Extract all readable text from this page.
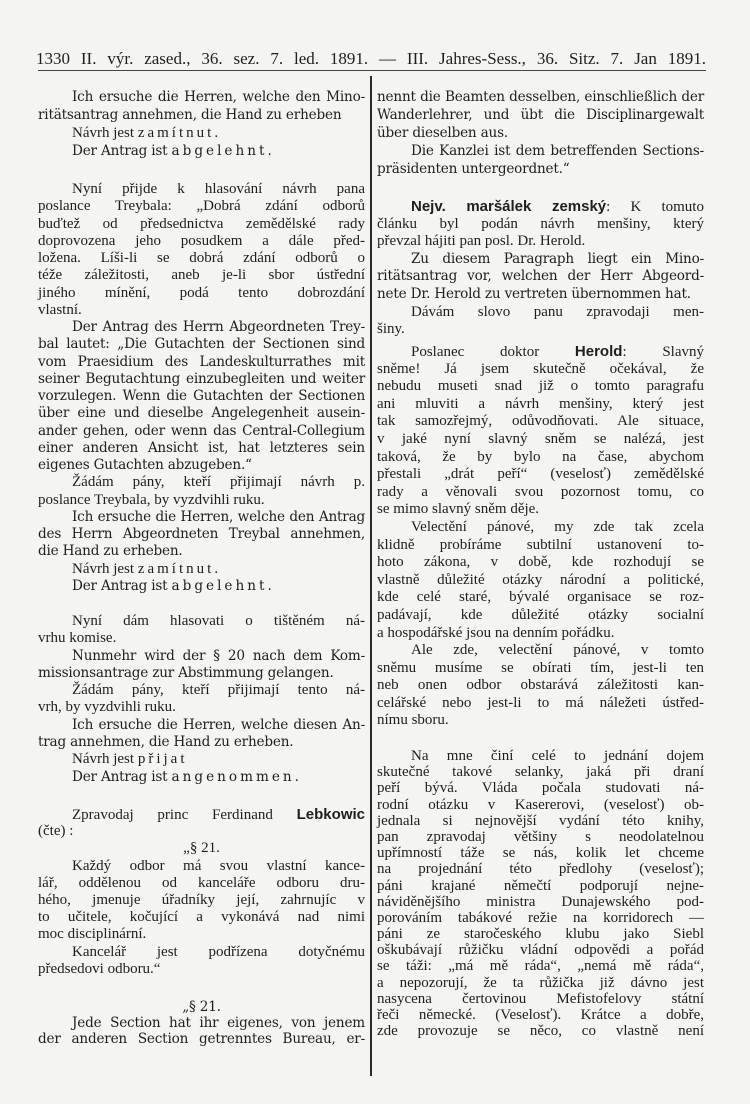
1330 II. výr. zased., 36. sez. 7. led. 1891. — III. Jahres-Sess., 36. Sitz. 7. Jan 1891.
Ich ersuche die Herren, welche den Mino-
ritätsantrag annehmen, die Hand zu erheben
Návrh jest zamítnut.
Der Antrag ist abgelehnt.
Nyní přijde k hlasování návrh pana
poslance Treybala: „Dobrá zdání odborů
buďtež od předsednictva zemědělské rady
doprovozena jeho posudkem a dále před-
ložena. Líši-li se dobrá zdání odborů o
téže záležitosti, aneb je-li sbor ústřední
jiného mínění, podá tento dobrozdání
vlastní.
Der Antrag des Herrn Abgeordneten Trey-
bal lautet: „Die Gutachten der Sectionen sind
vom Praesidium des Landeskulturrathes mit
seiner Begutachtung einzubegleiten und weiter
vorzulegen. Wenn die Gutachten der Sectionen
über eine und dieselbe Angelegenheit ausein-
ander gehen, oder wenn das Central-Collegium
einer anderen Ansicht ist, hat letzteres sein
eigenes Gutachten abzugeben.“
Žádám pány, kteří přijimají návrh p.
poslance Treybala, by vyzdvihli ruku.
Ich ersuche die Herren, welche den Antrag
des Herrn Abgeordneten Treybal annehmen,
die Hand zu erheben.
Návrh jest zamítnut.
Der Antrag ist abgelehnt.
Nyní dám hlasovati o tištěném ná-
vrhu komise.
Nunmehr wird der § 20 nach dem Kom-
missionsantrage zur Abstimmung gelangen.
Žádám pány, kteří přijimají tento ná-
vrh, by vyzdvihli ruku.
Ich ersuche die Herren, welche diesen An-
trag annehmen, die Hand zu erheben.
Návrh jest přijat
Der Antrag ist angenommen.
Zpravodaj princ Ferdinand Lebkowic
(čte) :
„§ 21.
Každý odbor má svou vlastní kance-
lář, oddělenou od kanceláře odboru dru-
hého, jmenuje úřadníky její, zahrnujíc v
to učitele, kočující a vykonává nad nimi
moc disciplinární.
Kancelář jest podřízena dotyčnému
předsedovi odboru.“
„§ 21.
Jede Section hat ihr eigenes, von jenem
der anderen Section getrenntes Bureau, er-
nennt die Beamten desselben, einschließlich der
Wanderlehrer, und übt die Disciplinargewalt
über dieselben aus.
Die Kanzlei ist dem betreffenden Sections-
präsidenten untergeordnet.“
Nejv. maršálek zemský: K tomuto
článku byl podán návrh menšiny, který
převzal hájiti pan posl. Dr. Herold.
Zu diesem Paragraph liegt ein Mino-
ritätsantrag vor, welchen der Herr Abgeord-
nete Dr. Herold zu vertreten übernommen hat.
Dávám slovo panu zpravodaji men-
šiny.
Poslanec doktor Herold: Slavný
sněme! Já jsem skutečně očekával, že
nebudu museti snad již o tomto paragrafu
ani mluviti a návrh menšiny, který jest
tak samozřejmý, odůvodňovati. Ale situace,
v jaké nyní slavný sněm se nalézá, jest
taková, že by bylo na čase, abychom
přestali „drát peří“ (veselosť) zemědělské
rady a věnovali svou pozornost tomu, co
se mimo slavný sněm děje.
Velectění pánové, my zde tak zcela
klidně probíráme subtilní ustanovení to-
hoto zákona, v době, kde rozhodují se
vlastně důležité otázky národní a politické,
kde celé staré, bývalé organisace se roz-
padávají, kde důležité otázky socialní
a hospodářské jsou na denním pořádku.
Ale zde, velectění pánové, v tomto
sněmu musíme se obírati tím, jest-li ten
neb onen odbor obstarává záležitosti kan-
celářské nebo jest-li to má náležeti ústřed-
nímu sboru.
Na mne činí celé to jednání dojem
skutečné takové selanky, jaká při draní
peří bývá. Vláda počala studovati ná-
rodní otázku v Kasererovi, (veselosť) ob-
jednala si nejnovější vydání této knihy,
pan zpravodaj většiny s neodolatelnou
upřímností táže se nás, kolik let chceme
na projednání této předlohy (veselosť);
páni krajané němečtí podporují nejne-
náviděnějšího ministra Dunajewského pod-
porováním tabákové režie na korridorech —
páni ze staročeského klubu jako Siebl
oškubávají růžičku vládní odpovědi a pořád
se táži: „má mě ráda“, „nemá mě ráda“,
a nepozorují, že ta růžička již dávno jest
nasycena čertovinou Mefistofelovy státní
řeči německé. (Veselosť). Krátce a dobře,
zde provozuje se něco, co vlastně není
